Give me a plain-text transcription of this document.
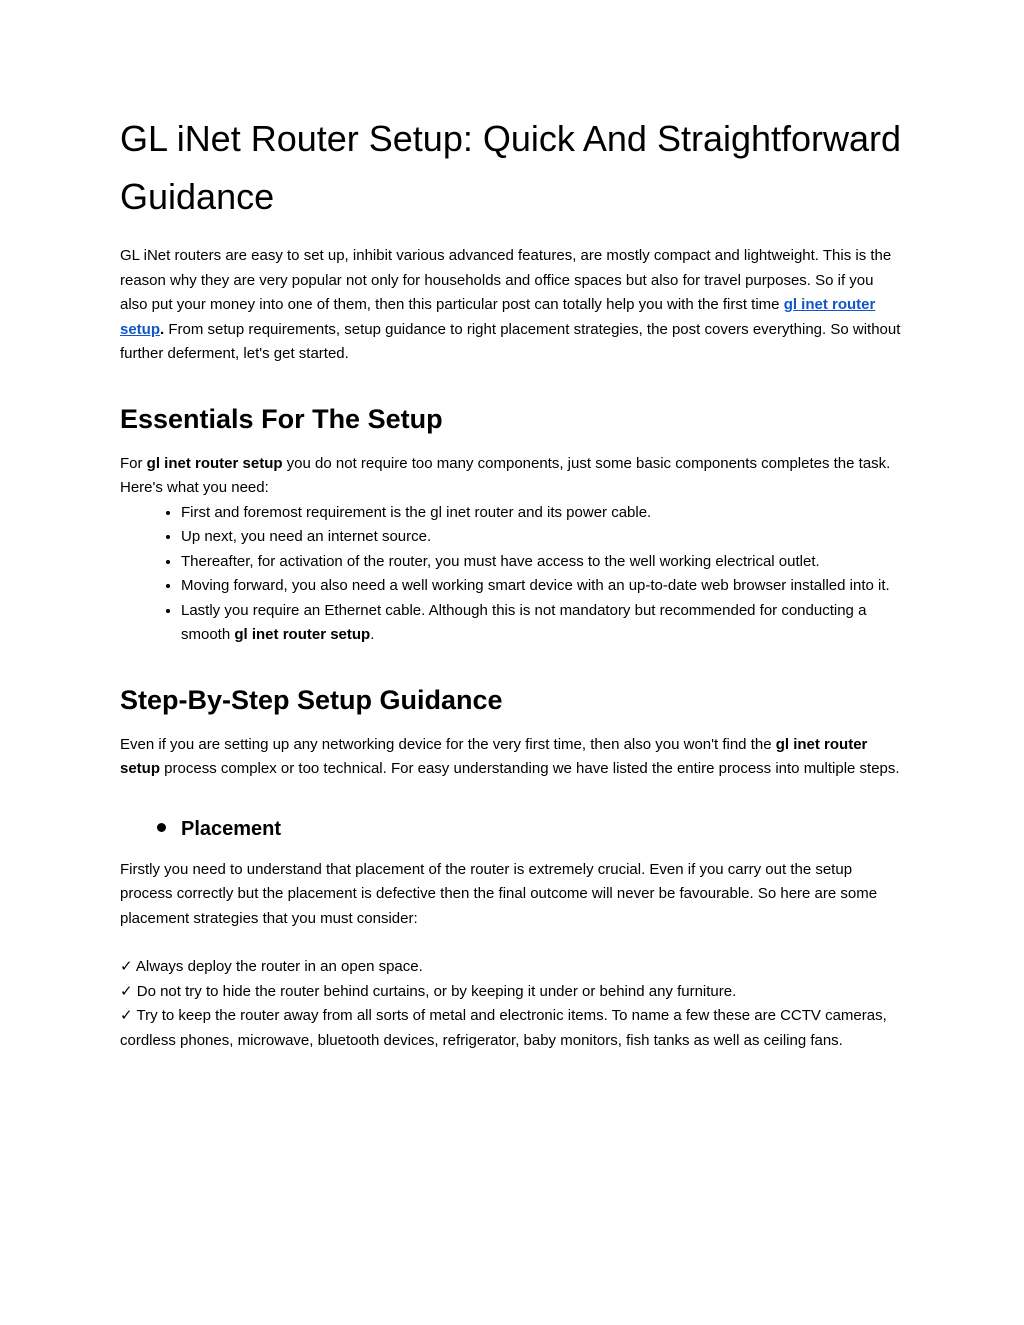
GL iNet Router Setup: Quick And Straightforward Guidance

GL iNet routers are easy to set up, inhibit various advanced features, are mostly compact and lightweight. This is the reason why they are very popular not only for households and office spaces but also for travel purposes. So if you also put your money into one of them, then this particular post can totally help you with the first time gl inet router setup. From setup requirements, setup guidance to right placement strategies, the post covers everything. So without further deferment, let's get started.

Essentials For The Setup

For gl inet router setup you do not require too many components, just some basic components completes the task. Here's what you need:

• First and foremost requirement is the gl inet router and its power cable.
• Up next, you need an internet source.
• Thereafter, for activation of the router, you must have access to the well working electrical outlet.
• Moving forward, you also need a well working smart device with an up-to-date web browser installed into it.
• Lastly you require an Ethernet cable. Although this is not mandatory but recommended for conducting a smooth gl inet router setup.
Step-By-Step Setup Guidance

Even if you are setting up any networking device for the very first time, then also you won't find the gl inet router setup process complex or too technical. For easy understanding we have listed the entire process into multiple steps.

Placement

Firstly you need to understand that placement of the router is extremely crucial. Even if you carry out the setup process correctly but the placement is defective then the final outcome will never be favourable. So here are some placement strategies that you must consider:

✓ Always deploy the router in an open space.

✓ Do not try to hide the router behind curtains, or by keeping it under or behind any furniture.

✓ Try to keep the router away from all sorts of metal and electronic items. To name a few these are CCTV cameras, cordless phones, microwave, bluetooth devices, refrigerator, baby monitors, fish tanks as well as ceiling fans.
